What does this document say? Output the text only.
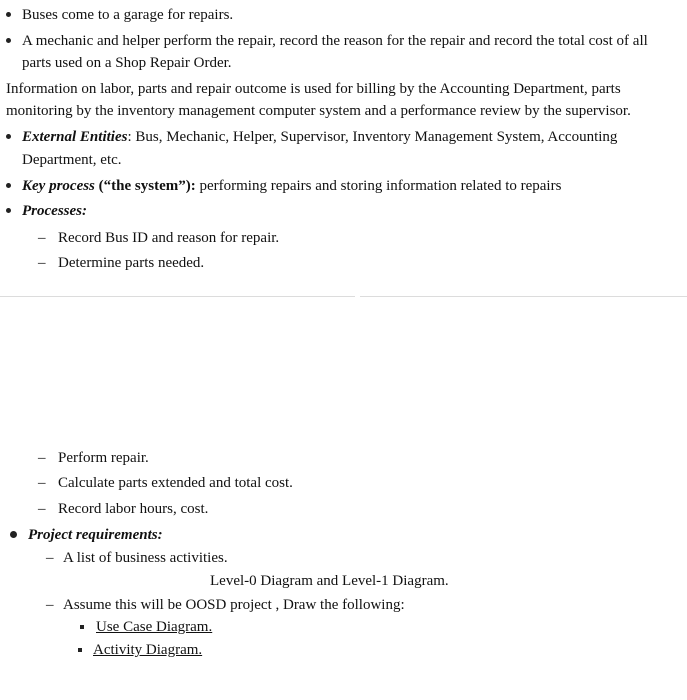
Buses come to a garage for repairs.
A mechanic and helper perform the repair, record the reason for the repair and record the total cost of all
parts used on a Shop Repair Order.
Information on labor, parts and repair outcome is used for billing by the Accounting Department, parts
monitoring by the inventory management computer system and a performance review by the supervisor.
External Entities: Bus, Mechanic, Helper, Supervisor, Inventory Management System, Accounting
Department, etc.
Key process (“the system”): performing repairs and storing information related to repairs
Processes:
– Record Bus ID and reason for repair.
– Determine parts needed.
– Perform repair.
– Calculate parts extended and total cost.
– Record labor hours, cost.
Project requirements:
– A list of business activities.
Level-0 Diagram and Level-1 Diagram.
– Assume this will be OOSD project , Draw the following:
Use Case Diagram.
Activity Diagram.
